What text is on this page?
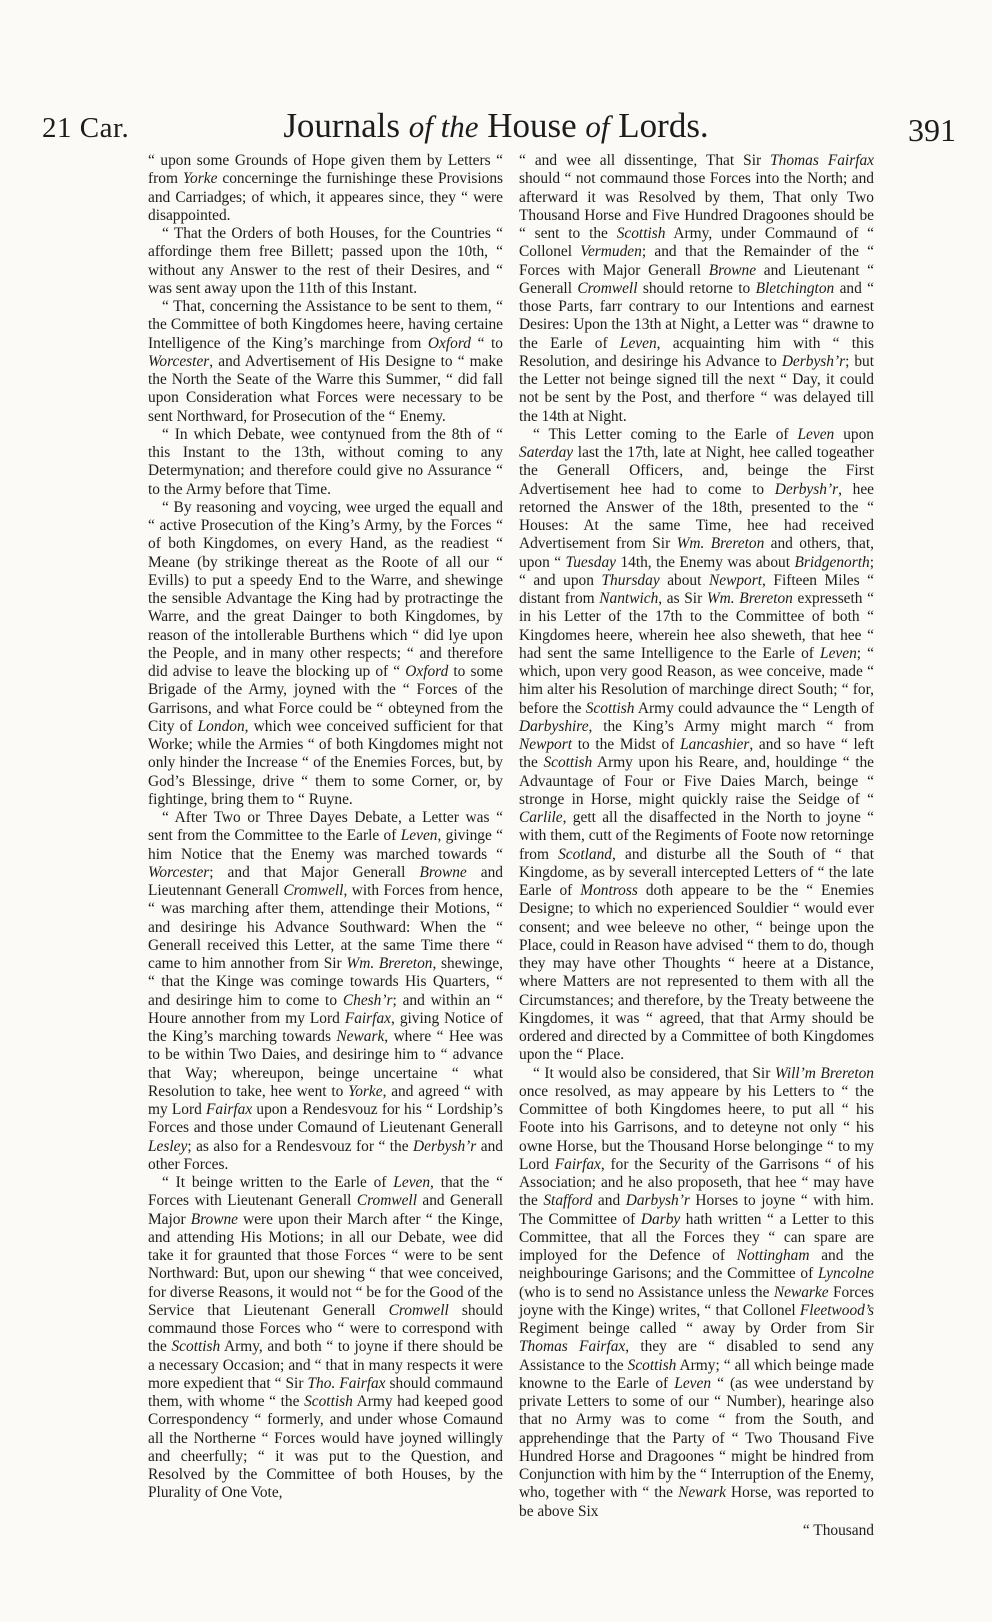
21 Car.	Journals of the House of Lords.	391

“ upon some Grounds of Hope given them by Letters “ from Yorke concerninge the furnishinge these Provisions and Carriadges; of which, it appeares since, they “ were disappointed.

“ That the Orders of both Houses, for the Countries “ affordinge them free Billett; passed upon the 10th, “ without any Answer to the rest of their Desires, and “ was sent away upon the 11th of this Instant.

“ That, concerning the Assistance to be sent to them, “ the Committee of both Kingdomes heere, having certaine Intelligence of the King’s marchinge from Oxford “ to Worcester, and Advertisement of His Designe to “ make the North the Seate of the Warre this Summer, “ did fall upon Consideration what Forces were necessary to be sent Northward, for Prosecution of the “ Enemy.

“ In which Debate, wee contynued from the 8th of “ this Instant to the 13th, without coming to any Determynation; and therefore could give no Assurance “ to the Army before that Time.

“ By reasoning and voycing, wee urged the equall and “ active Prosecution of the King’s Army, by the Forces “ of both Kingdomes, on every Hand, as the readiest “ Meane (by strikinge thereat as the Roote of all our “ Evills) to put a speedy End to the Warre, and shewinge the sensible Advantage the King had by protractinge the Warre, and the great Dainger to both Kingdomes, by reason of the intollerable Burthens which “ did lye upon the People, and in many other respects; “ and therefore did advise to leave the blocking up of “ Oxford to some Brigade of the Army, joyned with the “ Forces of the Garrisons, and what Force could be “ obteyned from the City of London, which wee conceived sufficient for that Worke; while the Armies “ of both Kingdomes might not only hinder the Increase “ of the Enemies Forces, but, by God’s Blessinge, drive “ them to some Corner, or, by fightinge, bring them to “ Ruyne.

“ After Two or Three Dayes Debate, a Letter was “ sent from the Committee to the Earle of Leven, givinge “ him Notice that the Enemy was marched towards “ Worcester; and that Major Generall Browne and Lieutennant Generall Cromwell, with Forces from hence, “ was marching after them, attendinge their Motions, “ and desiringe his Advance Southward: When the “ Generall received this Letter, at the same Time there “ came to him annother from Sir Wm. Brereton, shewinge, “ that the Kinge was cominge towards His Quarters, “ and desiringe him to come to Chesh’r; and within an “ Houre annother from my Lord Fairfax, giving Notice of the King’s marching towards Newark, where “ Hee was to be within Two Daies, and desiringe him to “ advance that Way; whereupon, beinge uncertaine “ what Resolution to take, hee went to Yorke, and agreed “ with my Lord Fairfax upon a Rendesvouz for his “ Lordship’s Forces and those under Comaund of Lieutenant Generall Lesley; as also for a Rendesvouz for “ the Derbysh’r and other Forces.

“ It beinge written to the Earle of Leven, that the “ Forces with Lieutenant Generall Cromwell and Generall Major Browne were upon their March after “ the Kinge, and attending His Motions; in all our Debate, wee did take it for graunted that those Forces “ were to be sent Northward: But, upon our shewing “ that wee conceived, for diverse Reasons, it would not “ be for the Good of the Service that Lieutenant Generall Cromwell should commaund those Forces who “ were to correspond with the Scottish Army, and both “ to joyne if there should be a necessary Occasion; and “ that in many respects it were more expedient that “ Sir Tho. Fairfax should commaund them, with whome “ the Scottish Army had keeped good Correspondency “ formerly, and under whose Comaund all the Northerne “ Forces would have joyned willingly and cheerfully; “ it was put to the Question, and Resolved by the Committee of both Houses, by the Plurality of One Vote,

“ and wee all dissentinge, That Sir Thomas Fairfax should “ not commaund those Forces into the North; and afterward it was Resolved by them, That only Two Thousand Horse and Five Hundred Dragoones should be “ sent to the Scottish Army, under Commaund of “ Collonel Vermuden; and that the Remainder of the “ Forces with Major Generall Browne and Lieutenant “ Generall Cromwell should retorne to Bletchington and “ those Parts, farr contrary to our Intentions and earnest Desires: Upon the 13th at Night, a Letter was “ drawne to the Earle of Leven, acquainting him with “ this Resolution, and desiringe his Advance to Derbysh’r; but the Letter not beinge signed till the next “ Day, it could not be sent by the Post, and therfore “ was delayed till the 14th at Night.

“ This Letter coming to the Earle of Leven upon Saterday last the 17th, late at Night, hee called togeather the Generall Officers, and, beinge the First Advertisement hee had to come to Derbysh’r, hee retorned the Answer of the 18th, presented to the “ Houses: At the same Time, hee had received Advertisement from Sir Wm. Brereton and others, that, upon “ Tuesday 14th, the Enemy was about Bridgenorth; “ and upon Thursday about Newport, Fifteen Miles “ distant from Nantwich, as Sir Wm. Brereton expresseth “ in his Letter of the 17th to the Committee of both “ Kingdomes heere, wherein hee also sheweth, that hee “ had sent the same Intelligence to the Earle of Leven; “ which, upon very good Reason, as wee conceive, made “ him alter his Resolution of marchinge direct South; “ for, before the Scottish Army could advaunce the “ Length of Darbyshire, the King’s Army might march “ from Newport to the Midst of Lancashier, and so have “ left the Scottish Army upon his Reare, and, houldinge “ the Advauntage of Four or Five Daies March, beinge “ stronge in Horse, might quickly raise the Seidge of “ Carlile, gett all the disaffected in the North to joyne “ with them, cutt of the Regiments of Foote now retorninge from Scotland, and disturbe all the South of “ that Kingdome, as by severall intercepted Letters of “ the late Earle of Montross doth appeare to be the “ Enemies Designe; to which no experienced Souldier “ would ever consent; and wee beleeve no other, “ beinge upon the Place, could in Reason have advised “ them to do, though they may have other Thoughts “ heere at a Distance, where Matters are not represented to them with all the Circumstances; and therefore, by the Treaty betweene the Kingdomes, it was “ agreed, that that Army should be ordered and directed by a Committee of both Kingdomes upon the “ Place.

“ It would also be considered, that Sir Will’m Brereton once resolved, as may appeare by his Letters to “ the Committee of both Kingdomes heere, to put all “ his Foote into his Garrisons, and to deteyne not only “ his owne Horse, but the Thousand Horse belonginge “ to my Lord Fairfax, for the Security of the Garrisons “ of his Association; and he also proposeth, that hee “ may have the Stafford and Darbysh’r Horses to joyne “ with him. The Committee of Darby hath written “ a Letter to this Committee, that all the Forces they “ can spare are imployed for the Defence of Nottingham and the neighbouringe Garisons; and the Committee of Lyncolne (who is to send no Assistance unless the Newarke Forces joyne with the Kinge) writes, “ that Collonel Fleetwood’s Regiment beinge called “ away by Order from Sir Thomas Fairfax, they are “ disabled to send any Assistance to the Scottish Army; “ all which beinge made knowne to the Earle of Leven “ (as wee understand by private Letters to some of our “ Number), hearinge also that no Army was to come “ from the South, and apprehendinge that the Party of “ Two Thousand Five Hundred Horse and Dragoones “ might be hindred from Conjunction with him by the “ Interruption of the Enemy, who, together with “ the Newark Horse, was reported to be above Six

“ Thousand
